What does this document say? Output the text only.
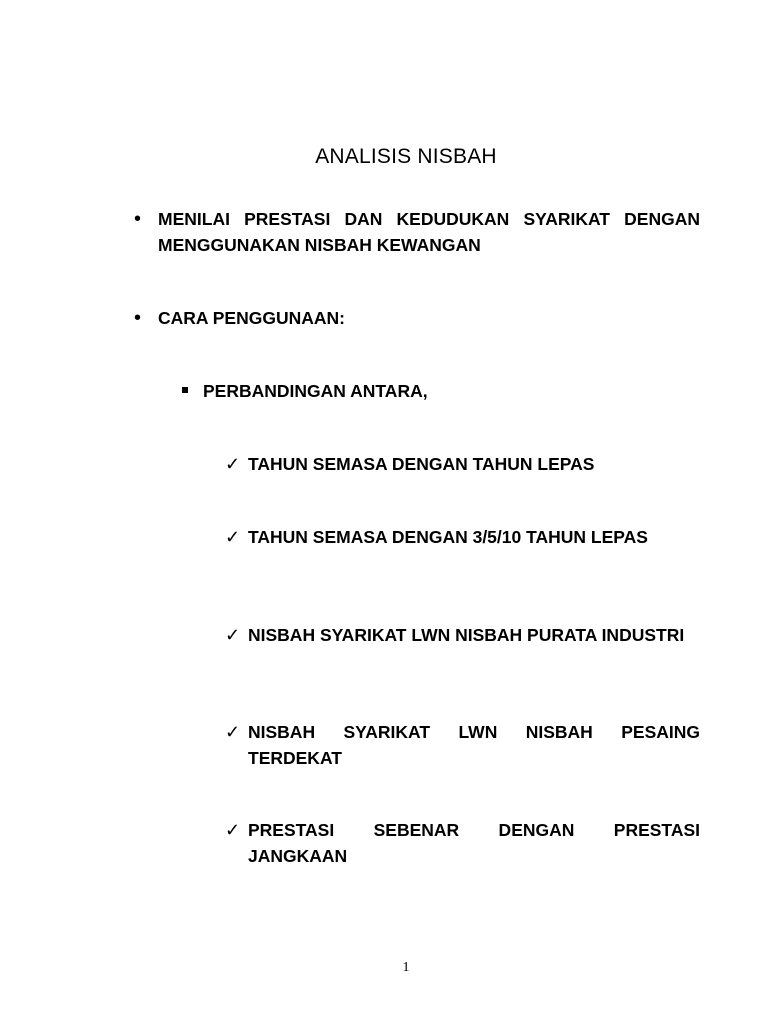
ANALISIS NISBAH
• MENILAI PRESTASI DAN KEDUDUKAN SYARIKAT DENGAN MENGGUNAKAN NISBAH KEWANGAN
• CARA PENGGUNAAN:
PERBANDINGAN ANTARA,
✓ TAHUN SEMASA DENGAN TAHUN LEPAS
✓ TAHUN SEMASA DENGAN 3/5/10 TAHUN LEPAS
✓ NISBAH SYARIKAT LWN NISBAH PURATA INDUSTRI
✓ NISBAH SYARIKAT LWN NISBAH PESAING TERDEKAT
✓ PRESTASI SEBENAR DENGAN PRESTASI JANGKAAN
1
